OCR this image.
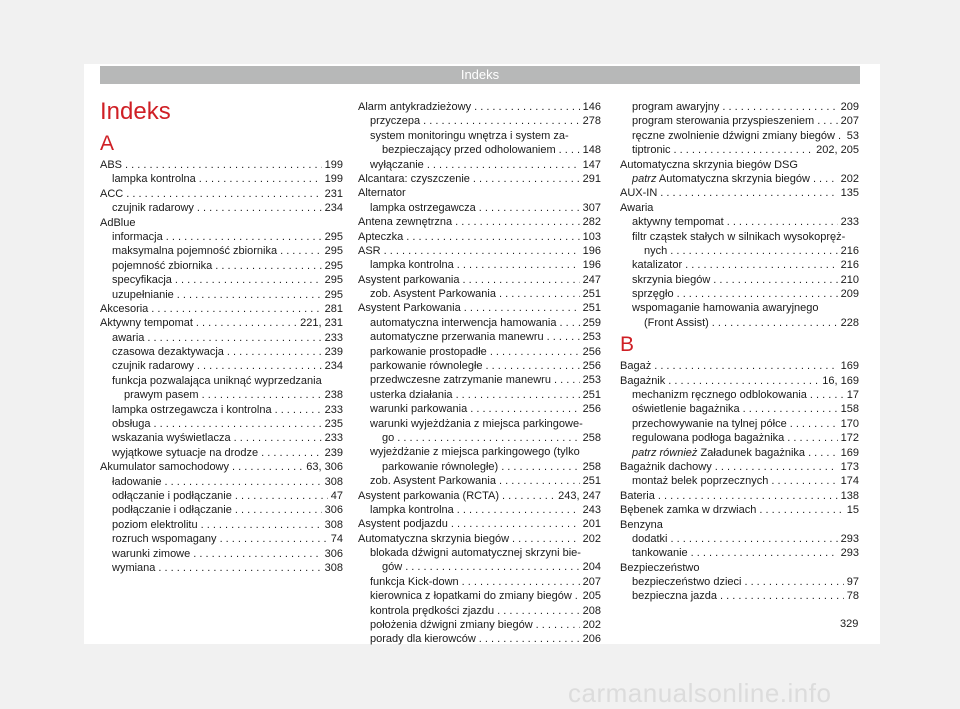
Indeks
Indeks
A
ABS . . .	199
lampka kontrolna . . .	199
ACC . . .	231
czujnik radarowy . . .	234
AdBlue
informacja . . .	295
maksymalna pojemność zbiornika . . .	295
pojemność zbiornika . . .	295
specyfikacja . . .	295
uzupełnianie . . .	295
Akcesoria . . .	281
Aktywny tempomat . . .	221, 231
awaria . . .	233
czasowa dezaktywacja . . .	239
czujnik radarowy . . .	234
funkcja pozwalająca uniknąć wyprzedzania
prawym pasem . . .	238
lampka ostrzegawcza i kontrolna . . .	233
obsługa . . .	235
wskazania wyświetlacza . . .	233
wyjątkowe sytuacje na drodze . . .	239
Akumulator samochodowy . . .	63, 306
ładowanie . . .	308
odłączanie i podłączanie . . .	47
podłączanie i odłączanie . . .	306
poziom elektrolitu . . .	308
rozruch wspomagany . . .	74
warunki zimowe . . .	306
wymiana . . .	308
Alarm antykradzieżowy . . .	146
przyczepa . . .	278
system monitoringu wnętrza i system za-
bezpieczający przed odholowaniem . . . 148
wyłączanie . . .	147
Alcantara: czyszczenie . . .	291
Alternator
lampka ostrzegawcza . . .	307
Antena zewnętrzna . . .	282
Apteczka . . .	103
ASR . . .	196
lampka kontrolna . . .	196
Asystent parkowania . . .	247
zob. Asystent Parkowania . . .	251
Asystent Parkowania . . .	251
automatyczna interwencja hamowania . . . 259
automatyczne przerwania manewru . . .	253
parkowanie prostopadłe . . .	256
parkowanie równoległe . . .	256
przedwczesne zatrzymanie manewru . . .	253
usterka działania . . .	251
warunki parkowania . . .	256
warunki wyjeżdżania z miejsca parkingowe-
go . . .	258
wyjeżdżanie z miejsca parkingowego (tylko
parkowanie równoległe) . . .	258
zob. Asystent Parkowania . . .	251
Asystent parkowania (RCTA) . . .	243, 247
lampka kontrolna . . .	243
Asystent podjazdu . . .	201
Automatyczna skrzynia biegów . . .	202
blokada dźwigni automatycznej skrzyni bie-
gów . . .	204
funkcja Kick-down . . .	207
kierownica z łopatkami do zmiany biegów . . . 205
kontrola prędkości zjazdu . . .	208
położenia dźwigni zmiany biegów . . .	202
porady dla kierowców . . .	206
program awaryjny . . .	209
program sterowania przyspieszeniem . . . 207
ręczne zwolnienie dźwigni zmiany biegów . . . 53
tiptronic . . .	202, 205
Automatyczna skrzynia biegów DSG
patrz Automatyczna skrzynia biegów . . .	202
AUX-IN . . .	135
Awaria
aktywny tempomat . . .	233
filtr cząstek stałych w silnikach wysokopręż-
nych . . .	216
katalizator . . .	216
skrzynia biegów . . .	210
sprzęgło . . .	209
wspomaganie hamowania awaryjnego
(Front Assist) . . .	228
B
Bagaż . . .	169
Bagażnik . . .	16, 169
mechanizm ręcznego odblokowania . . .	17
oświetlenie bagażnika . . .	158
przechowywanie na tylnej półce . . .	170
regulowana podłoga bagażnika . . .	172
patrz również Załadunek bagażnika . . .	169
Bagażnik dachowy . . .	173
montaż belek poprzecznych . . .	174
Bateria . . .	138
Bębenek zamka w drzwiach . . .	15
Benzyna
dodatki . . .	293
tankowanie . . .	293
Bezpieczeństwo
bezpieczeństwo dzieci . . .	97
bezpieczna jazda . . .	78
329
carmanualsonline.info
